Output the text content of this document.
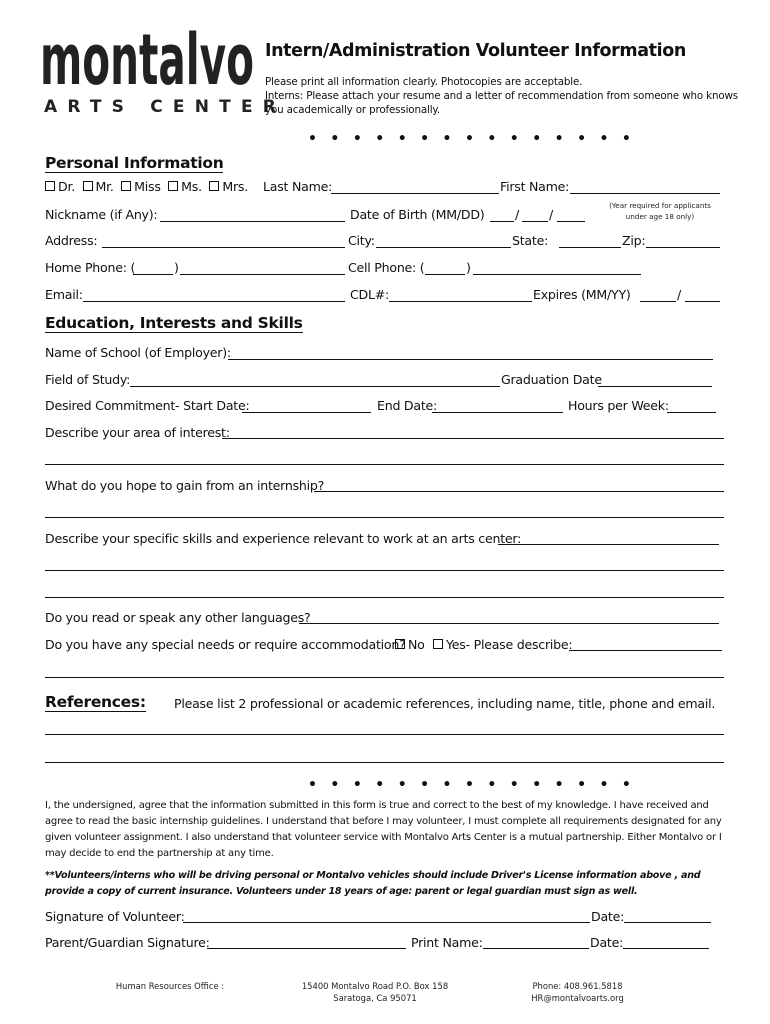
montalvo
ARTS CENTER
Intern/Administration Volunteer Information
Please print all information clearly. Photocopies are acceptable.
Interns: Please attach your resume and a letter of recommendation from someone who knows
you academically or professionally.
• • • • • • • • • • • • • • •
Personal Information
Dr. Mr. Miss Ms. Mrs. Last Name:	First Name:
Nickname (if Any):	Date of Birth (MM/DD) / /
(Year required for applicants
under age 18 only)
Address:	City:	State:	Zip:
Home Phone: (	)	Cell Phone: (	)
Email:	CDL#:	Expires (MM/YY)	/
Education, Interests and Skills
Name of School (of Employer):
Field of Study:	Graduation Date
Desired Commitment- Start Date:	End Date:	Hours per Week:
Describe your area of interest:
What do you hope to gain from an internship?
Describe your specific skills and experience relevant to work at an arts center:
Do you read or speak any other languages?
Do you have any special needs or require accommodation? No	Yes- Please describe:
References: Please list 2 professional or academic references, including name, title, phone and email.
• • • • • • • • • • • • • • •
I, the undersigned, agree that the information submitted in this form is true and correct to the best of my knowledge. I have received and agree to read the basic internship guidelines. I understand that before I may volunteer, I must complete all requirements designated for any given volunteer assignment. I also understand that volunteer service with Montalvo Arts Center is a mutual partnership. Either Montalvo or I may decide to end the partnership at any time.
**Volunteers/interns who will be driving personal or Montalvo vehicles should include Driver's License information above , and provide a copy of current insurance. Volunteers under 18 years of age: parent or legal guardian must sign as well.
Signature of Volunteer:	Date:
Parent/Guardian Signature:	Print Name:	Date:
Human Resources Office :	15400 Montalvo Road P.O. Box 158
Saratoga, Ca 95071
Phone: 408.961.5818
HR@montalvoarts.org
